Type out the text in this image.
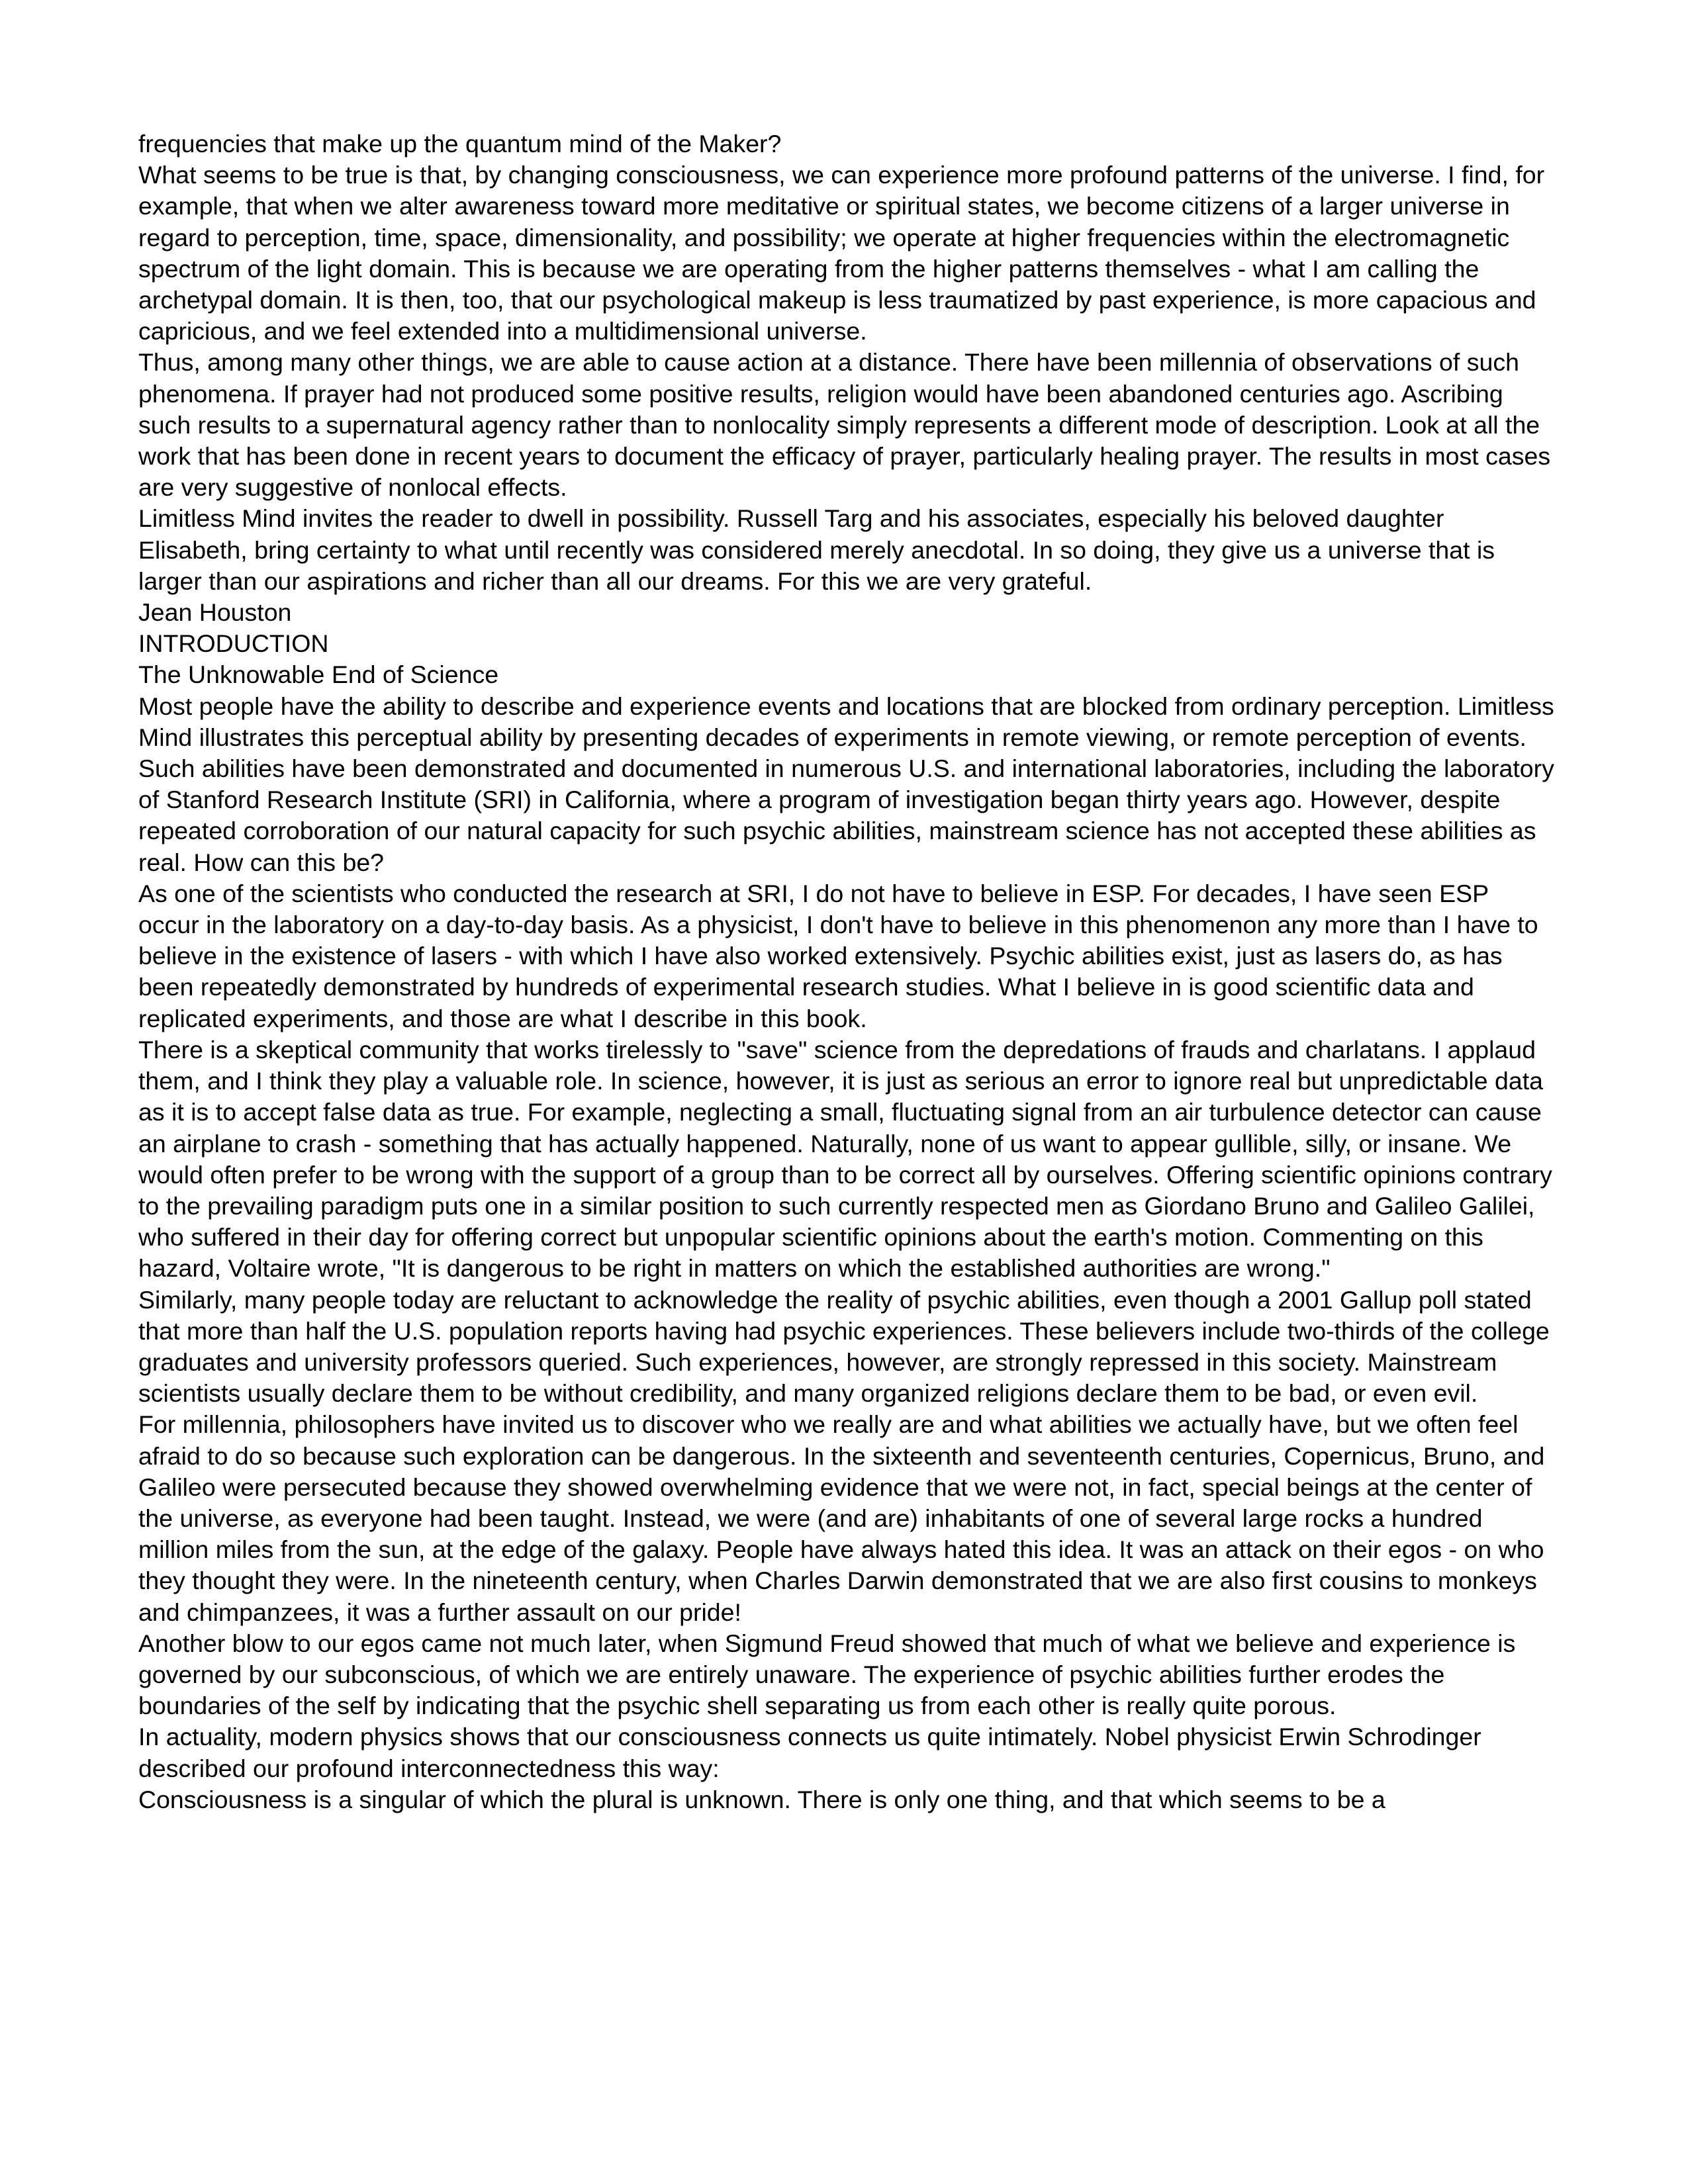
frequencies that make up the quantum mind of the Maker?

What seems to be true is that, by changing consciousness, we can experience more profound patterns of the universe. I find, for example, that when we alter awareness toward more meditative or spiritual states, we become citizens of a larger universe in regard to perception, time, space, dimensionality, and possibility; we operate at higher frequencies within the electromagnetic spectrum of the light domain. This is because we are operating from the higher patterns themselves - what I am calling the archetypal domain. It is then, too, that our psychological makeup is less traumatized by past experience, is more capacious and capricious, and we feel extended into a multidimensional universe.

Thus, among many other things, we are able to cause action at a distance. There have been millennia of observations of such phenomena. If prayer had not produced some positive results, religion would have been abandoned centuries ago. Ascribing such results to a supernatural agency rather than to nonlocality simply represents a different mode of description. Look at all the work that has been done in recent years to document the efficacy of prayer, particularly healing prayer. The results in most cases are very suggestive of nonlocal effects.

Limitless Mind invites the reader to dwell in possibility. Russell Targ and his associates, especially his beloved daughter Elisabeth, bring certainty to what until recently was considered merely anecdotal. In so doing, they give us a universe that is larger than our aspirations and richer than all our dreams. For this we are very grateful.

Jean Houston

INTRODUCTION

The Unknowable End of Science

Most people have the ability to describe and experience events and locations that are blocked from ordinary perception. Limitless Mind illustrates this perceptual ability by presenting decades of experiments in remote viewing, or remote perception of events. Such abilities have been demonstrated and documented in numerous U.S. and international laboratories, including the laboratory of Stanford Research Institute (SRI) in California, where a program of investigation began thirty years ago. However, despite repeated corroboration of our natural capacity for such psychic abilities, mainstream science has not accepted these abilities as real. How can this be?

As one of the scientists who conducted the research at SRI, I do not have to believe in ESP. For decades, I have seen ESP occur in the laboratory on a day-to-day basis. As a physicist, I don't have to believe in this phenomenon any more than I have to believe in the existence of lasers - with which I have also worked extensively. Psychic abilities exist, just as lasers do, as has been repeatedly demonstrated by hundreds of experimental research studies. What I believe in is good scientific data and replicated experiments, and those are what I describe in this book.

There is a skeptical community that works tirelessly to "save" science from the depredations of frauds and charlatans. I applaud them, and I think they play a valuable role. In science, however, it is just as serious an error to ignore real but unpredictable data as it is to accept false data as true. For example, neglecting a small, fluctuating signal from an air turbulence detector can cause an airplane to crash - something that has actually happened. Naturally, none of us want to appear gullible, silly, or insane. We would often prefer to be wrong with the support of a group than to be correct all by ourselves. Offering scientific opinions contrary to the prevailing paradigm puts one in a similar position to such currently respected men as Giordano Bruno and Galileo Galilei, who suffered in their day for offering correct but unpopular scientific opinions about the earth's motion. Commenting on this hazard, Voltaire wrote, "It is dangerous to be right in matters on which the established authorities are wrong."

Similarly, many people today are reluctant to acknowledge the reality of psychic abilities, even though a 2001 Gallup poll stated that more than half the U.S. population reports having had psychic experiences. These believers include two-thirds of the college graduates and university professors queried. Such experiences, however, are strongly repressed in this society. Mainstream scientists usually declare them to be without credibility, and many organized religions declare them to be bad, or even evil.

For millennia, philosophers have invited us to discover who we really are and what abilities we actually have, but we often feel afraid to do so because such exploration can be dangerous. In the sixteenth and seventeenth centuries, Copernicus, Bruno, and Galileo were persecuted because they showed overwhelming evidence that we were not, in fact, special beings at the center of the universe, as everyone had been taught. Instead, we were (and are) inhabitants of one of several large rocks a hundred million miles from the sun, at the edge of the galaxy. People have always hated this idea. It was an attack on their egos - on who they thought they were. In the nineteenth century, when Charles Darwin demonstrated that we are also first cousins to monkeys and chimpanzees, it was a further assault on our pride!

Another blow to our egos came not much later, when Sigmund Freud showed that much of what we believe and experience is governed by our subconscious, of which we are entirely unaware. The experience of psychic abilities further erodes the boundaries of the self by indicating that the psychic shell separating us from each other is really quite porous.

In actuality, modern physics shows that our consciousness connects us quite intimately. Nobel physicist Erwin Schrodinger described our profound interconnectedness this way:

Consciousness is a singular of which the plural is unknown. There is only one thing, and that which seems to be a
